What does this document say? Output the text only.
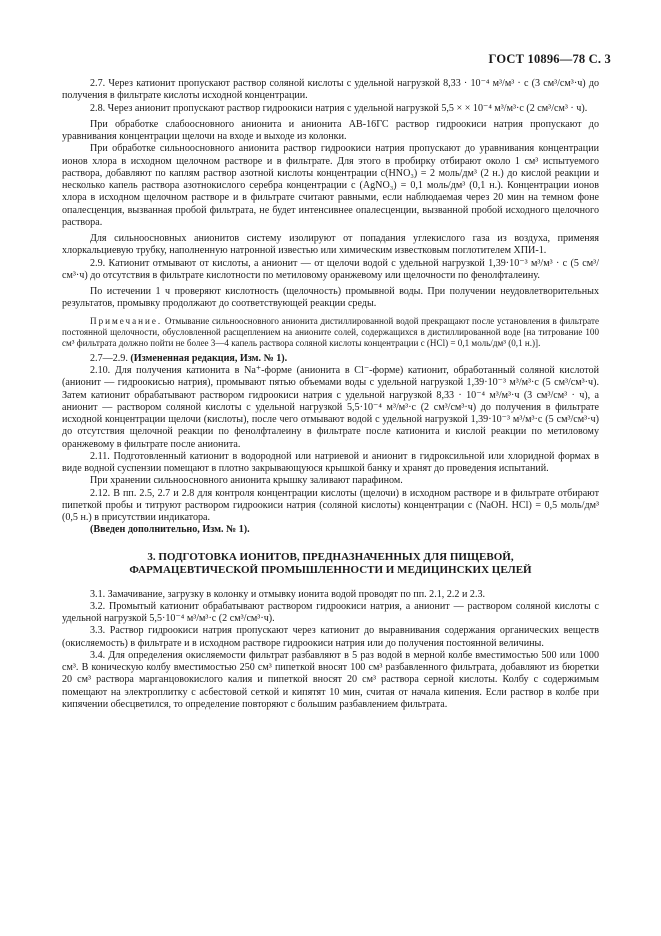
ГОСТ 10896—78 С. 3

2.7. Через катионит пропускают раствор соляной кислоты с удельной нагрузкой 8,33 · 10⁻⁴ м³/м³ · с (3 см³/см³·ч) до получения в фильтрате кислоты исходной концентрации.

2.8. Через анионит пропускают раствор гидроокиси натрия с удельной нагрузкой 5,5 × × 10⁻⁴ м³/м³·с (2 см³/см³ · ч).

При обработке слабоосновного анионита и анионита АВ-16ГС раствор гидроокиси натрия пропускают до уравнивания концентрации щелочи на входе и выходе из колонки.

При обработке сильноосновного анионита раствор гидроокиси натрия пропускают до уравнивания концентрации ионов хлора в исходном щелочном растворе и в фильтрате. Для этого в пробирку отбирают около 1 см³ испытуемого раствора, добавляют по каплям раствор азотной кислоты концентрации c(HNO₃) = 2 моль/дм³ (2 н.) до кислой реакции и несколько капель раствора азотнокислого серебра концентрации c (AgNO₃) = 0,1 моль/дм³ (0,1 н.). Концентрации ионов хлора в исходном щелочном растворе и в фильтрате считают равными, если наблюдаемая через 20 мин на темном фоне опалесценция, вызванная пробой фильтрата, не будет интенсивнее опалесценции, вызванной пробой исходного щелочного раствора.

Для сильноосновных анионитов систему изолируют от попадания углекислого газа из воздуха, применяя хлоркальциевую трубку, наполненную натронной известью или химическим известковым поглотителем ХПИ-1.

2.9. Катионит отмывают от кислоты, а анионит — от щелочи водой с удельной нагрузкой 1,39·10⁻³ м³/м³ · с (5 см³/см³·ч) до отсутствия в фильтрате кислотности по метиловому оранжевому или щелочности по фенолфталеину.

По истечении 1 ч проверяют кислотность (щелочность) промывной воды. При получении неудовлетворительных результатов, промывку продолжают до соответствующей реакции среды.

Примечание. Отмывание сильноосновного анионита дистиллированной водой прекращают после установления в фильтрате постоянной щелочности, обусловленной расщеплением на анионите солей, содержащихся в дистиллированной воде [на титрование 100 см³ фильтрата должно пойти не более 3—4 капель раствора соляной кислоты концентрации c (HCl) = 0,1 моль/дм³ (0,1 н.)].

2.7—2.9. (Измененная редакция, Изм. № 1).

2.10. Для получения катионита в Na⁺-форме (анионита в Cl⁻-форме) катионит, обработанный соляной кислотой (анионит — гидроокисью натрия), промывают пятью объемами воды с удельной нагрузкой 1,39·10⁻³ м³/м³·с (5 см³/см³·ч). Затем катионит обрабатывают раствором гидроокиси натрия с удельной нагрузкой 8,33 · 10⁻⁴ м³/м³·ч (3 см³/см³ · ч), а анионит — раствором соляной кислоты с удельной нагрузкой 5,5·10⁻⁴ м³/м³·с (2 см³/см³·ч) до получения в фильтрате исходной концентрации щелочи (кислоты), после чего отмывают водой с удельной нагрузкой 1,39·10⁻³ м³/м³·с (5 см³/см³·ч) до отсутствия щелочной реакции по фенолфталеину в фильтрате после катионита и кислой реакции по метиловому оранжевому в фильтрате после анионита.

2.11. Подготовленный катионит в водородной или натриевой и анионит в гидроксильной или хлоридной формах в виде водной суспензии помещают в плотно закрывающуюся крышкой банку и хранят до проведения испытаний.

При хранении сильноосновного анионита крышку заливают парафином.

2.12. В пп. 2.5, 2.7 и 2.8 для контроля концентрации кислоты (щелочи) в исходном растворе и в фильтрате отбирают пипеткой пробы и титруют раствором гидроокиси натрия (соляной кислоты) концентрации c (NaOH. HCl) = 0,5 моль/дм³ (0,5 н.) в присутствии индикатора.

(Введен дополнительно, Изм. № 1).

3. ПОДГОТОВКА ИОНИТОВ, ПРЕДНАЗНАЧЕННЫХ ДЛЯ ПИЩЕВОЙ,
ФАРМАЦЕВТИЧЕСКОЙ ПРОМЫШЛЕННОСТИ И МЕДИЦИНСКИХ ЦЕЛЕЙ

3.1. Замачивание, загрузку в колонку и отмывку ионита водой проводят по пп. 2.1, 2.2 и 2.3.

3.2. Промытый катионит обрабатывают раствором гидроокиси натрия, а анионит — раствором соляной кислоты с удельной нагрузкой 5,5·10⁻⁴ м³/м³·с (2 см³/см³·ч).

3.3. Раствор гидроокиси натрия пропускают через катионит до выравнивания содержания органических веществ (окисляемость) в фильтрате и в исходном растворе гидроокиси натрия или до получения постоянной величины.

3.4. Для определения окисляемости фильтрат разбавляют в 5 раз водой в мерной колбе вместимостью 500 или 1000 см³. В коническую колбу вместимостью 250 см³ пипеткой вносят 100 см³ разбавленного фильтрата, добавляют из бюретки 20 см³ раствора марганцовокислого калия и пипеткой вносят 20 см³ раствора серной кислоты. Колбу с содержимым помещают на электроплитку с асбестовой сеткой и кипятят 10 мин, считая от начала кипения. Если раствор в колбе при кипячении обесцветился, то определение повторяют с большим разбавлением фильтрата.
